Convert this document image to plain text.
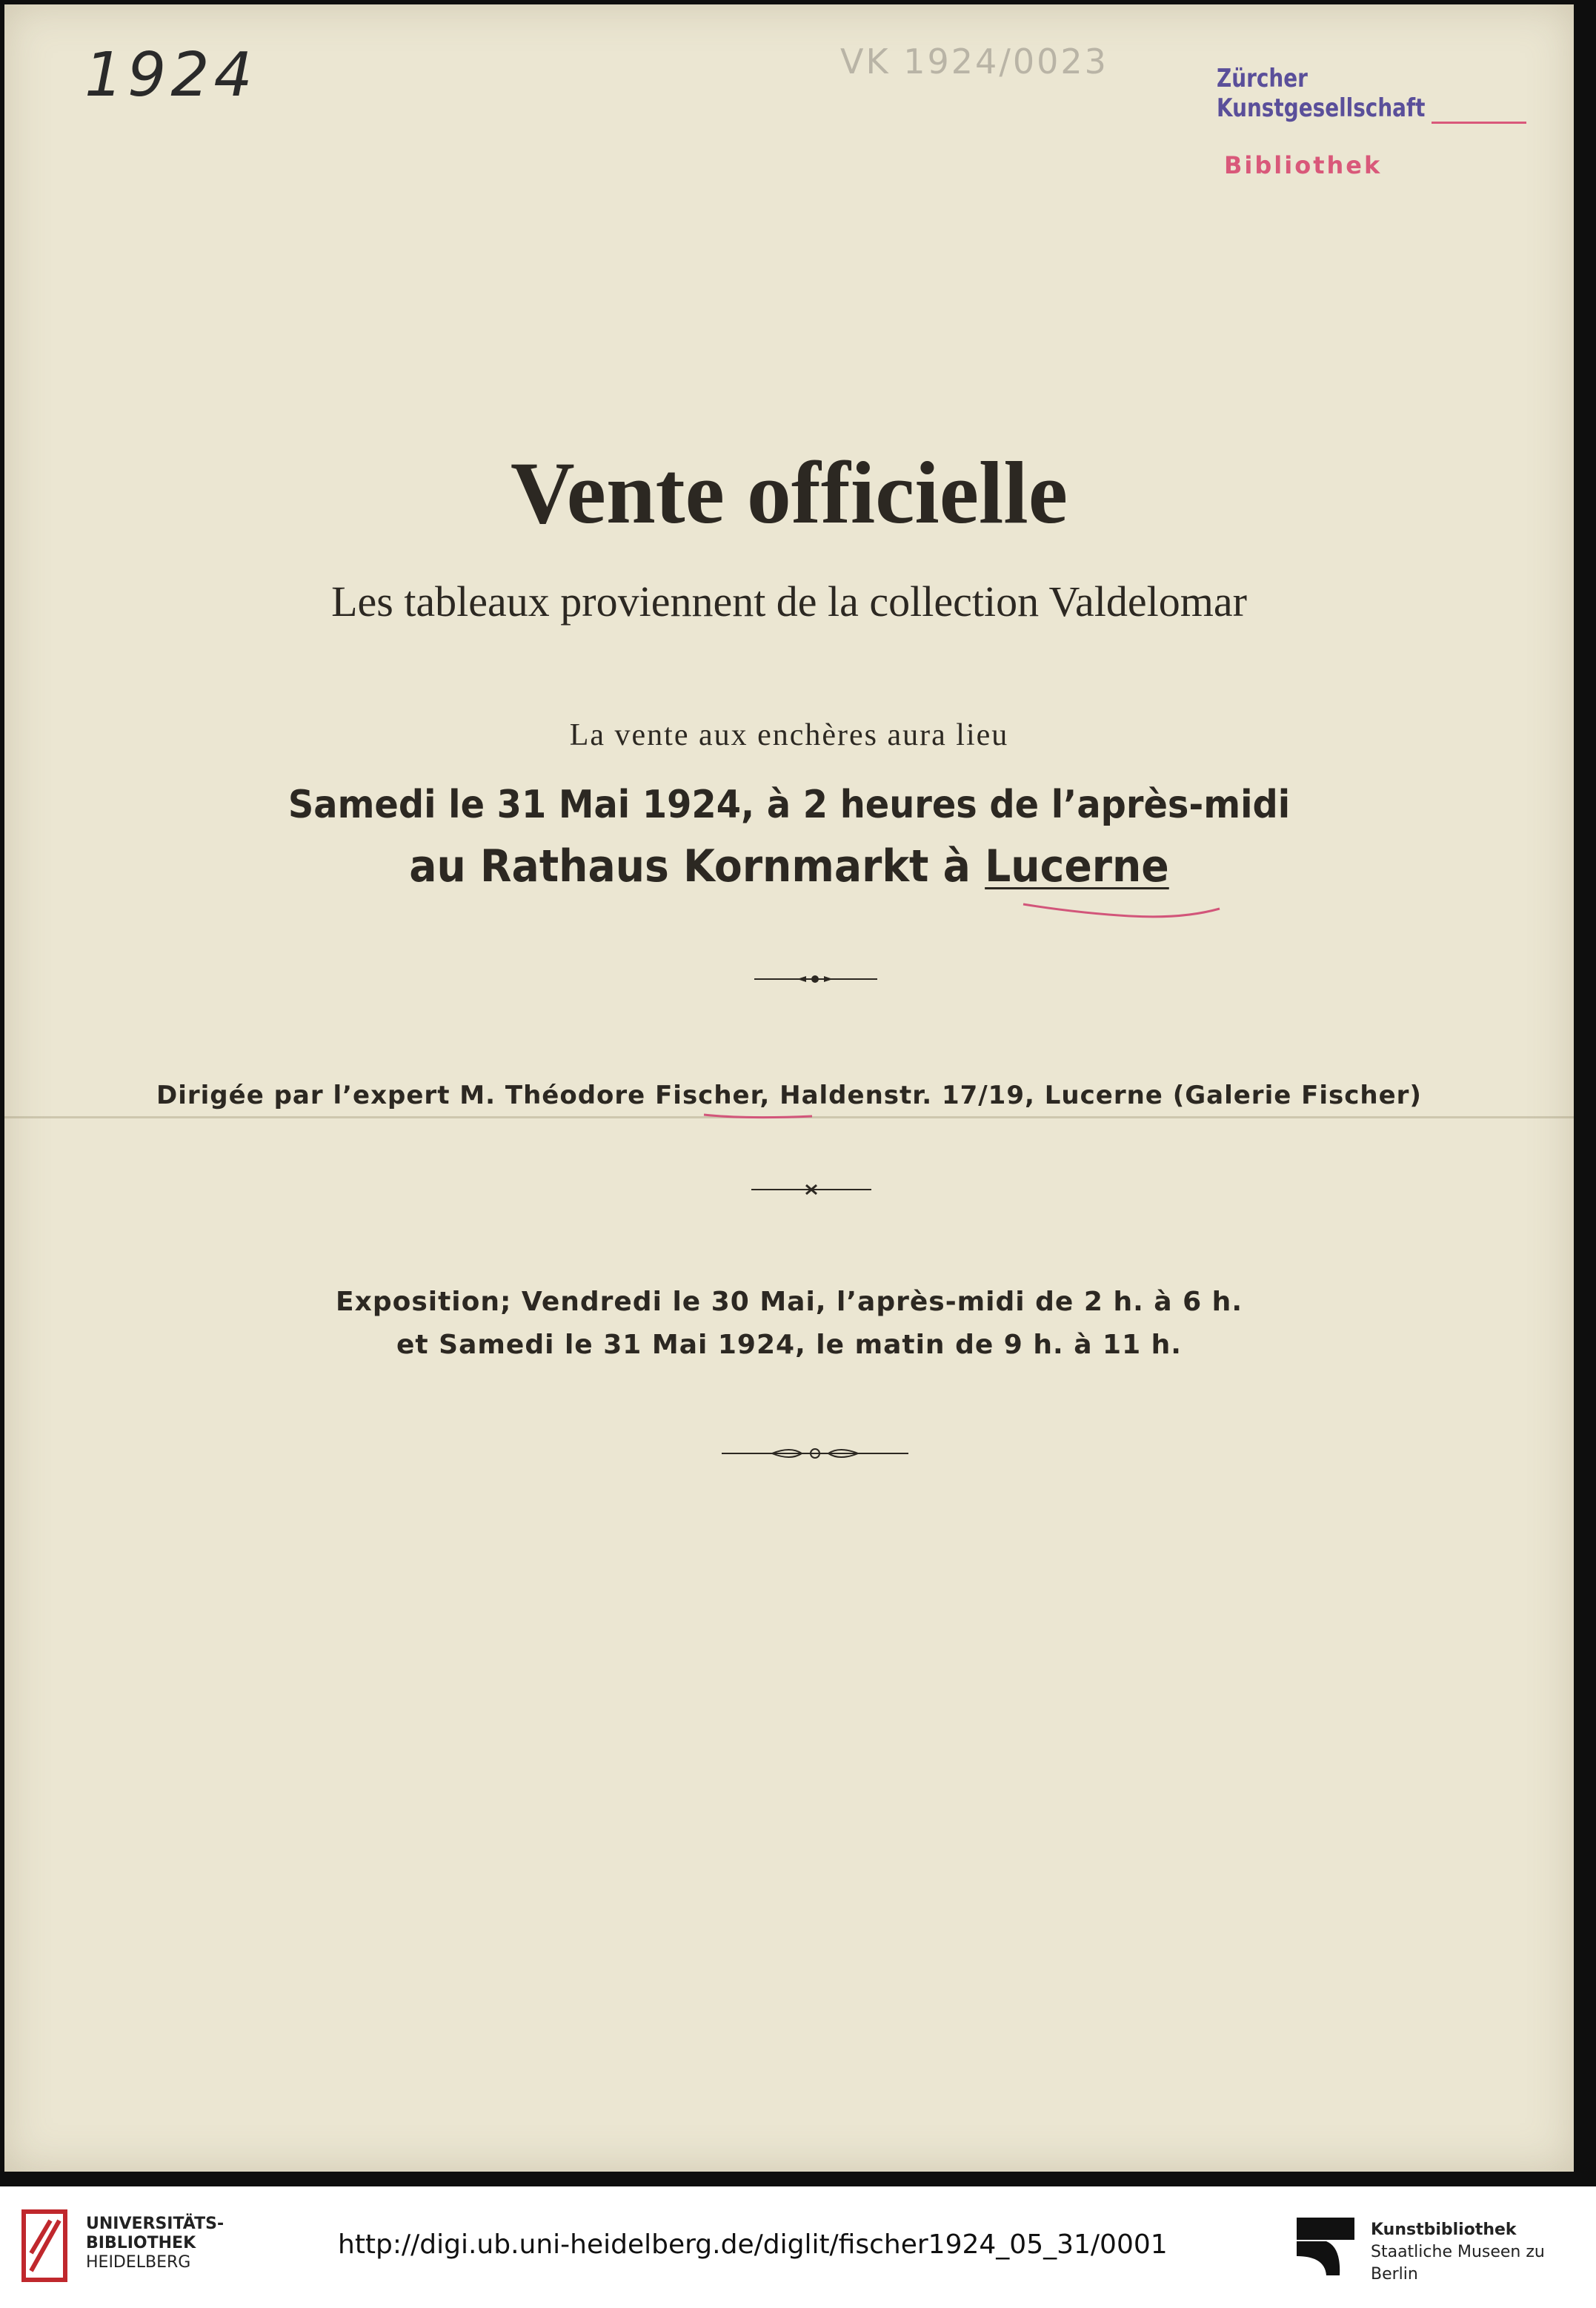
1924	VK 1924/0023	Zürcher Kunstgesellschaft
Bibliothek
Vente officielle
Les tableaux proviennent de la collection Valdelomar
La vente aux enchères aura lieu
Samedi le 31 Mai 1924, à 2 heures de l’après-midi
au Rathaus Kornmarkt à Lucerne
Dirigée par l’expert M. Théodore Fischer, Haldenstr. 17/19, Lucerne (Galerie Fischer)
Exposition; Vendredi le 30 Mai, l’après-midi de 2 h. à 6 h.
et Samedi le 31 Mai 1924, le matin de 9 h. à 11 h.
UNIVERSITÄTS-
BIBLIOTHEK
HEIDELBERG
http://digi.ub.uni-heidelberg.de/diglit/fischer1924_05_31/0001	Kunstbibliothek
Staatliche Museen zu Berlin
